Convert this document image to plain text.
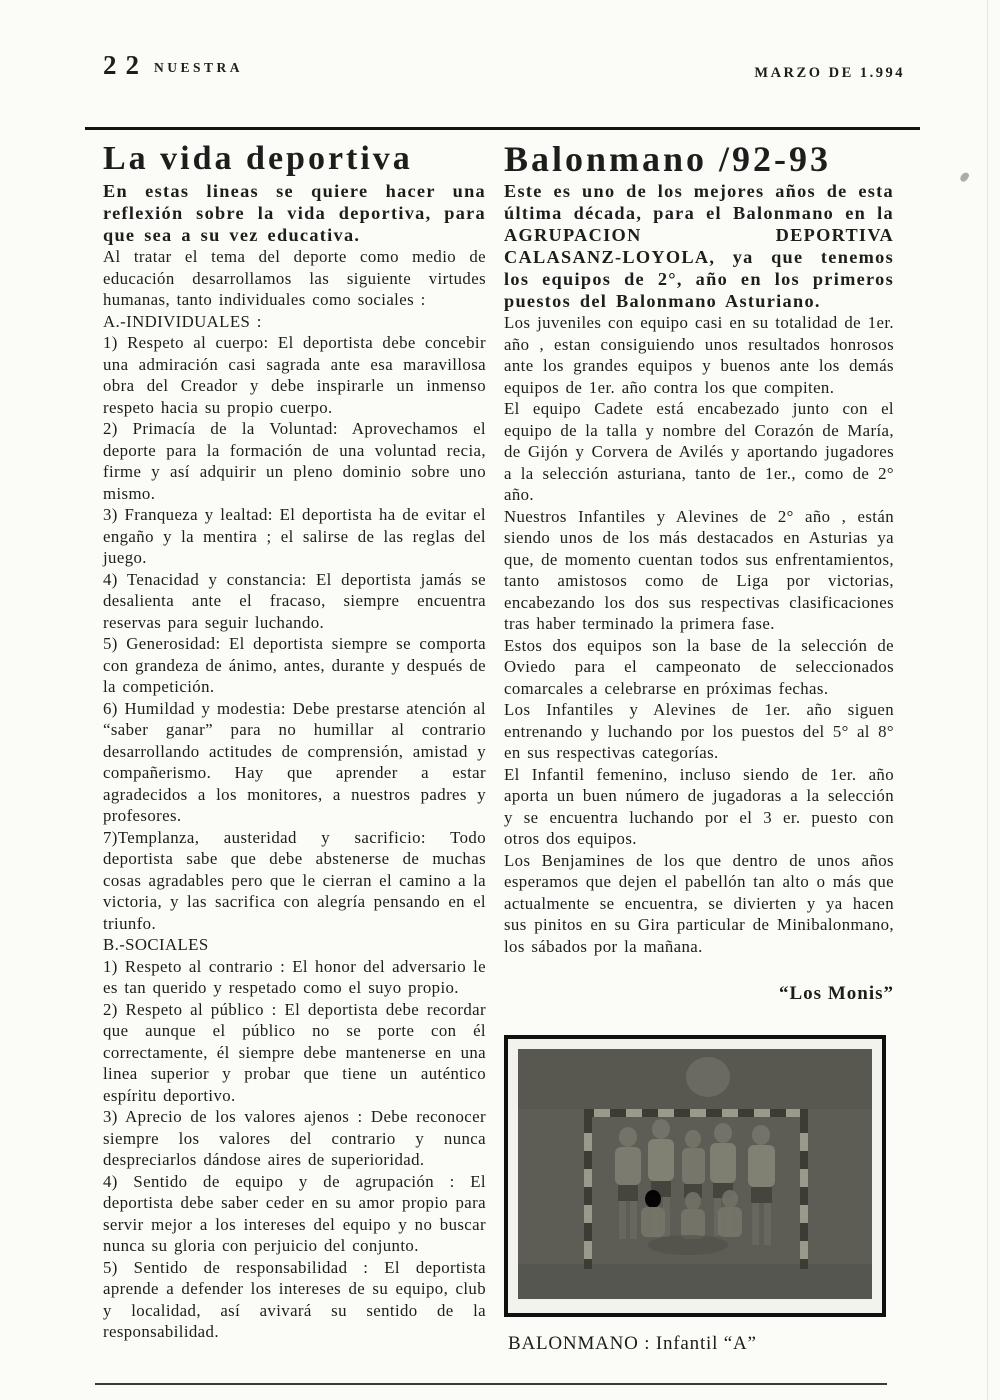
22 NUESTRA	MARZO DE 1.994
La vida deportiva

En estas lineas se quiere hacer una reflexión sobre la vida deportiva, para que sea a su vez educativa.

Al tratar el tema del deporte como medio de educación desarrollamos las siguiente virtudes humanas, tanto individuales como sociales :

A.-INDIVIDUALES :

1) Respeto al cuerpo: El deportista debe concebir una admiración casi sagrada ante esa maravillosa obra del Creador y debe inspirarle un inmenso respeto hacia su propio cuerpo.

2) Primacía de la Voluntad: Aprovechamos el deporte para la formación de una voluntad recia, firme y así adquirir un pleno dominio sobre uno mismo.

3) Franqueza y lealtad: El deportista ha de evitar el engaño y la mentira ; el salirse de las reglas del juego.

4) Tenacidad y constancia: El deportista jamás se desalienta ante el fracaso, siempre encuentra reservas para seguir luchando.

5) Generosidad: El deportista siempre se comporta con grandeza de ánimo, antes, durante y después de la competición.

6) Humildad y modestia: Debe prestarse atención al “saber ganar” para no humillar al contrario desarrollando actitudes de comprensión, amistad y compañerismo. Hay que aprender a estar agradecidos a los monitores, a nuestros padres y profesores.

7)Templanza, austeridad y sacrificio: Todo deportista sabe que debe abstenerse de muchas cosas agradables pero que le cierran el camino a la victoria, y las sacrifica con alegría pensando en el triunfo.

B.-SOCIALES

1) Respeto al contrario : El honor del adversario le es tan querido y respetado como el suyo propio.

2) Respeto al público : El deportista debe recordar que aunque el público no se porte con él correctamente, él siempre debe mantenerse en una linea superior y probar que tiene un auténtico espíritu deportivo.

3) Aprecio de los valores ajenos : Debe reconocer siempre los valores del contrario y nunca despreciarlos dándose aires de superioridad.

4) Sentido de equipo y de agrupación : El deportista debe saber ceder en su amor propio para servir mejor a los intereses del equipo y no buscar nunca su gloria con perjuicio del conjunto.

5) Sentido de responsabilidad : El deportista aprende a defender los intereses de su equipo, club y localidad, así avivará su sentido de la responsabilidad.

Balonmano /92-93

Este es uno de los mejores años de esta última década, para el Balonmano en la AGRUPACION DEPORTIVA CALASANZ-LOYOLA, ya que tenemos los equipos de 2°, año en los primeros puestos del Balonmano Asturiano.

Los juveniles con equipo casi en su totalidad de 1er. año , estan consiguiendo unos resultados honrosos ante los grandes equipos y buenos ante los demás equipos de 1er. año contra los que compiten.

El equipo Cadete está encabezado junto con el equipo de la talla y nombre del Corazón de María, de Gijón y Corvera de Avilés y aportando jugadores a la selección asturiana, tanto de 1er., como de 2° año.

Nuestros Infantiles y Alevines de 2° año , están siendo unos de los más destacados en Asturias ya que, de momento cuentan todos sus enfrentamientos, tanto amistosos como de Liga por victorias, encabezando los dos sus respectivas clasificaciones tras haber terminado la primera fase.

Estos dos equipos son la base de la selección de Oviedo para el campeonato de seleccionados comarcales a celebrarse en próximas fechas.

Los Infantiles y Alevines de 1er. año siguen entrenando y luchando por los puestos del 5° al 8° en sus respectivas categorías.

El Infantil femenino, incluso siendo de 1er. año aporta un buen número de jugadoras a la selección y se encuentra luchando por el 3 er. puesto con otros dos equipos.

Los Benjamines de los que dentro de unos años esperamos que dejen el pabellón tan alto o más que actualmente se encuentra, se divierten y ya hacen sus pinitos en su Gira particular de Minibalonmano, los sábados por la mañana.

“Los Monis”

BALONMANO : Infantil “A”
